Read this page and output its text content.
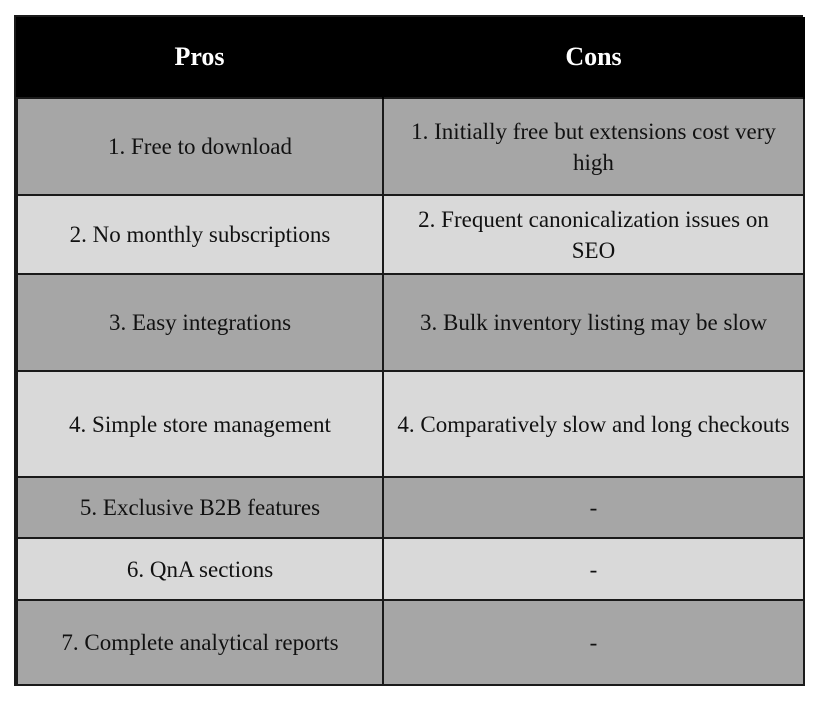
Pros	Cons
1. Free to download	1. Initially free but extensions cost very high
2. No monthly subscriptions	2. Frequent canonicalization issues on SEO
3. Easy integrations	3. Bulk inventory listing may be slow
4. Simple store management	4. Comparatively slow and long checkouts
5. Exclusive B2B features	-
6. QnA sections	-
7. Complete analytical reports	-
